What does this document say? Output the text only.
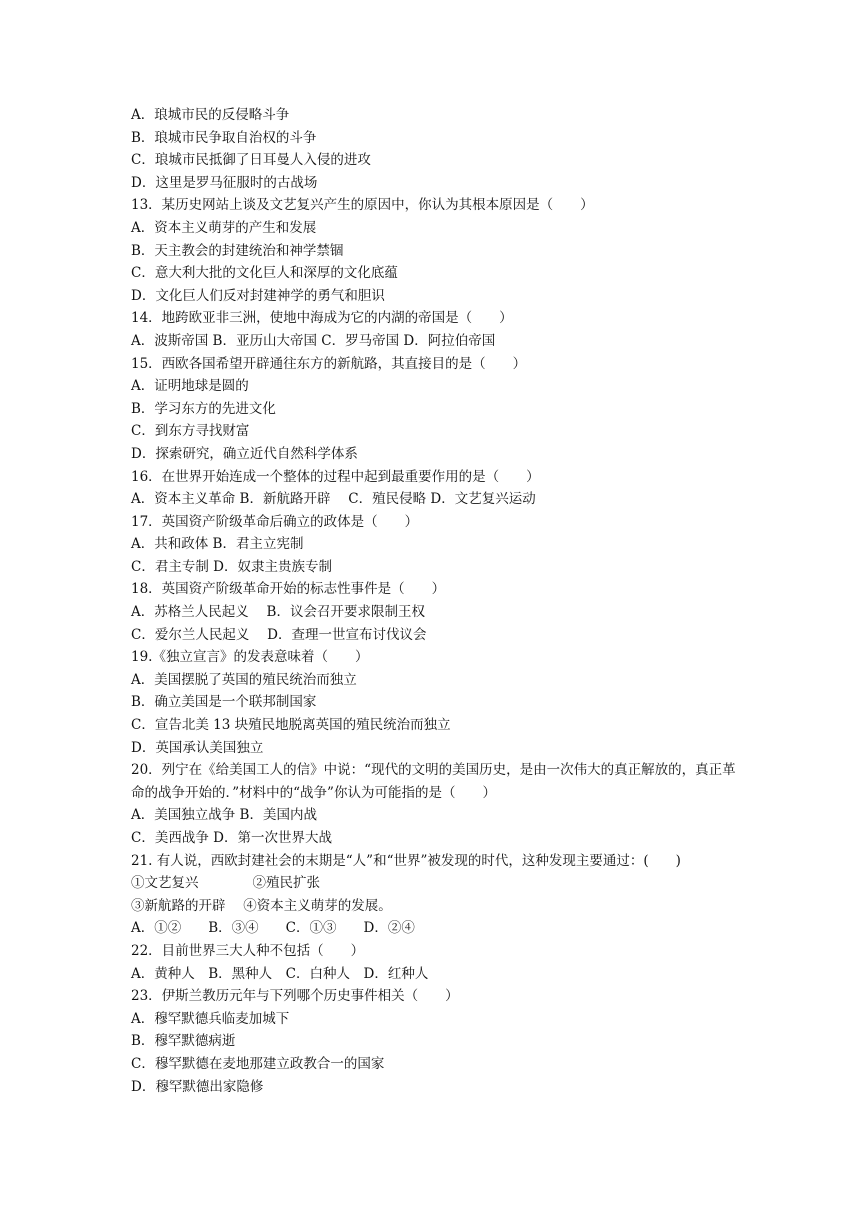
A．琅城市民的反侵略斗争
B．琅城市民争取自治权的斗争
C．琅城市民抵御了日耳曼人入侵的进攻
D．这里是罗马征服时的古战场
13．某历史网站上谈及文艺复兴产生的原因中，你认为其根本原因是（　　）
A．资本主义萌芽的产生和发展
B．天主教会的封建统治和神学禁锢
C．意大利大批的文化巨人和深厚的文化底蕴
D．文化巨人们反对封建神学的勇气和胆识
14．地跨欧亚非三洲，使地中海成为它的内湖的帝国是（　　）
A．波斯帝国 B．亚历山大帝国 C．罗马帝国 D．阿拉伯帝国
15．西欧各国希望开辟通往东方的新航路，其直接目的是（　　）
A．证明地球是圆的
B．学习东方的先进文化
C．到东方寻找财富
D．探索研究，确立近代自然科学体系
16．在世界开始连成一个整体的过程中起到最重要作用的是（　　）
A．资本主义革命 B．新航路开辟　 C．殖民侵略 D．文艺复兴运动
17．英国资产阶级革命后确立的政体是（　　）
A．共和政体 B．君主立宪制
C．君主专制 D．奴隶主贵族专制
18．英国资产阶级革命开始的标志性事件是（　　）
A．苏格兰人民起义　 B．议会召开要求限制王权
C．爱尔兰人民起义　 D．查理一世宣布讨伐议会
19.《独立宣言》的发表意味着（　　）
A．美国摆脱了英国的殖民统治而独立
B．确立美国是一个联邦制国家
C．宣告北美 13 块殖民地脱离英国的殖民统治而独立
D．英国承认美国独立
20．列宁在《给美国工人的信》中说：“现代的文明的美国历史，是由一次伟大的真正解放的，真正革命的战争开始的．”材料中的“战争”你认为可能指的是（　　）
A．美国独立战争 B．美国内战
C．美西战争 D．第一次世界大战
21. 有人说，西欧封建社会的末期是“人”和“世界”被发现的时代，这种发现主要通过：(　　)
①文艺复兴　　　　②殖民扩张
③新航路的开辟　 ④资本主义萌芽的发展。
A．①②　　B．③④　　C．①③　　D．②④
22．目前世界三大人种不包括（　　）
A．黄种人　B．黑种人　C．白种人　D．红种人
23．伊斯兰教历元年与下列哪个历史事件相关（　　）
A．穆罕默德兵临麦加城下
B．穆罕默德病逝
C．穆罕默德在麦地那建立政教合一的国家
D．穆罕默德出家隐修
